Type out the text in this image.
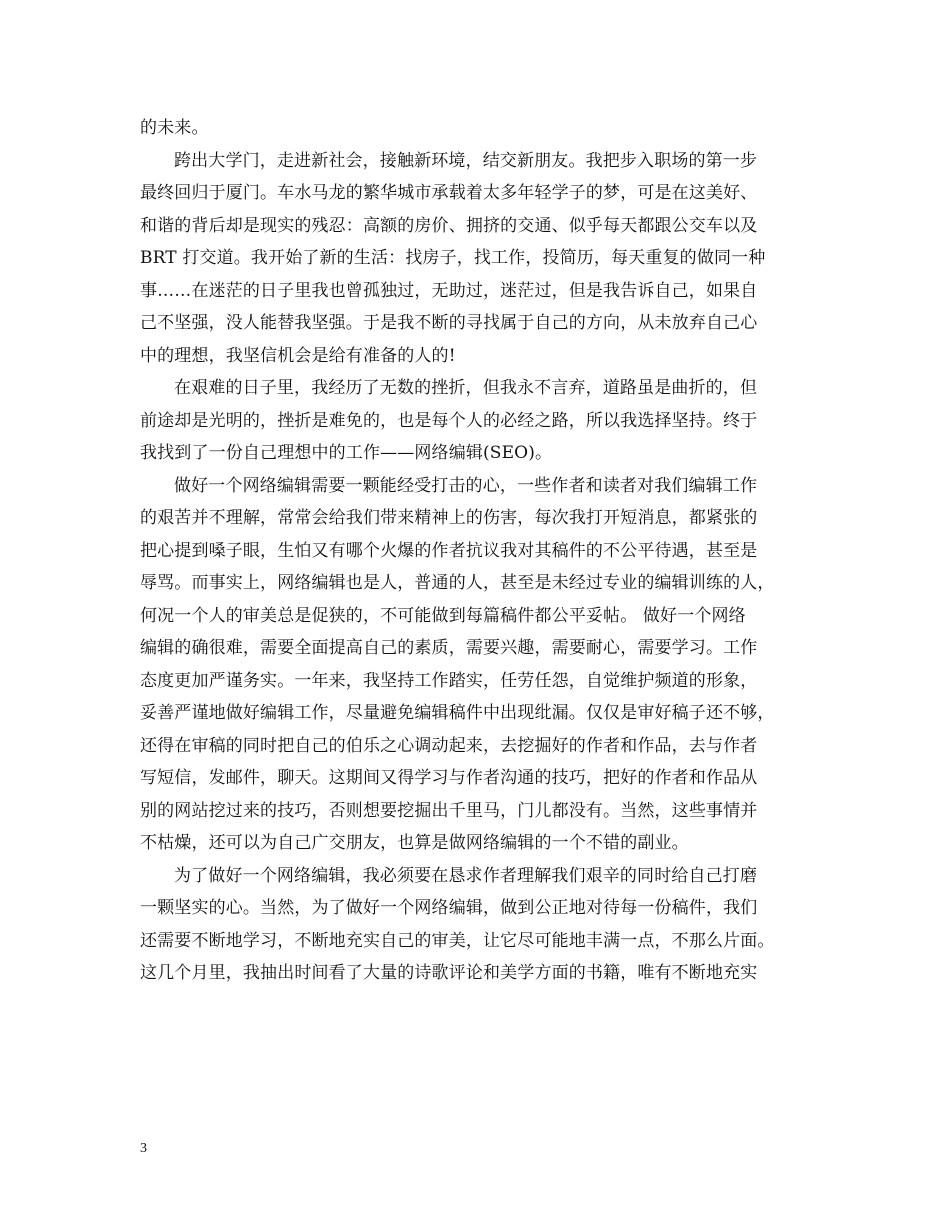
的未来。
跨出大学门，走进新社会，接触新环境，结交新朋友。我把步入职场的第一步
最终回归于厦门。车水马龙的繁华城市承载着太多年轻学子的梦，可是在这美好、
和谐的背后却是现实的残忍：高额的房价、拥挤的交通、似乎每天都跟公交车以及
BRT 打交道。我开始了新的生活：找房子，找工作，投简历，每天重复的做同一种
事……在迷茫的日子里我也曾孤独过，无助过，迷茫过，但是我告诉自己，如果自
己不坚强，没人能替我坚强。于是我不断的寻找属于自己的方向，从未放弃自己心
中的理想，我坚信机会是给有准备的人的!
在艰难的日子里，我经历了无数的挫折，但我永不言弃，道路虽是曲折的，但
前途却是光明的，挫折是难免的，也是每个人的必经之路，所以我选择坚持。终于
我找到了一份自己理想中的工作——网络编辑(SEO)。
做好一个网络编辑需要一颗能经受打击的心，一些作者和读者对我们编辑工作
的艰苦并不理解，常常会给我们带来精神上的伤害，每次我打开短消息，都紧张的
把心提到嗓子眼，生怕又有哪个火爆的作者抗议我对其稿件的不公平待遇，甚至是
辱骂。而事实上，网络编辑也是人，普通的人，甚至是未经过专业的编辑训练的人，
何况一个人的审美总是促狭的，不可能做到每篇稿件都公平妥帖。 做好一个网络
编辑的确很难，需要全面提高自己的素质，需要兴趣，需要耐心，需要学习。工作
态度更加严谨务实。一年来，我坚持工作踏实，任劳任怨，自觉维护频道的形象，
妥善严谨地做好编辑工作，尽量避免编辑稿件中出现纰漏。仅仅是审好稿子还不够，
还得在审稿的同时把自己的伯乐之心调动起来，去挖掘好的作者和作品，去与作者
写短信，发邮件，聊天。这期间又得学习与作者沟通的技巧，把好的作者和作品从
别的网站挖过来的技巧，否则想要挖掘出千里马，门儿都没有。当然，这些事情并
不枯燥，还可以为自己广交朋友，也算是做网络编辑的一个不错的副业。
为了做好一个网络编辑，我必须要在恳求作者理解我们艰辛的同时给自己打磨
一颗坚实的心。当然，为了做好一个网络编辑，做到公正地对待每一份稿件，我们
还需要不断地学习，不断地充实自己的审美，让它尽可能地丰满一点，不那么片面。
这几个月里，我抽出时间看了大量的诗歌评论和美学方面的书籍，唯有不断地充实
3
